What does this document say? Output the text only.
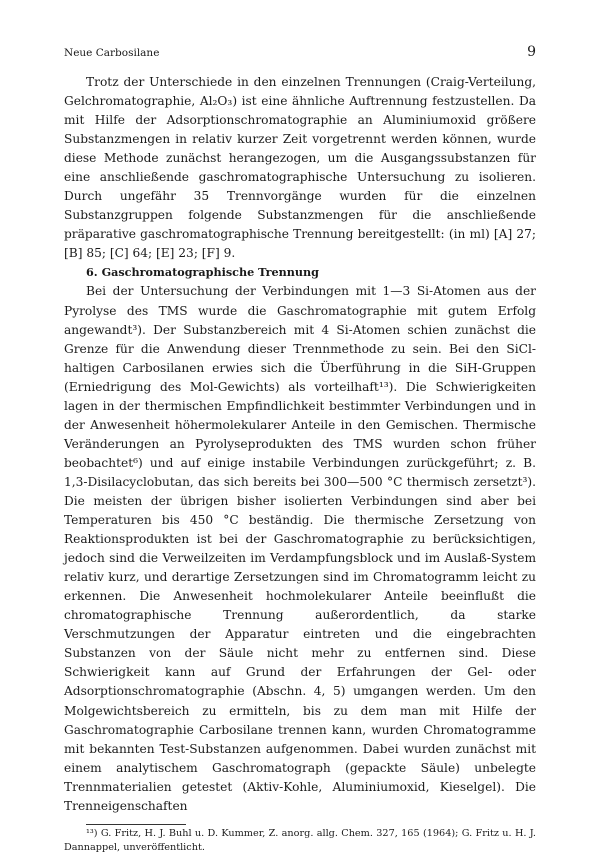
Neue Carbosilane	9

Trotz der Unterschiede in den einzelnen Trennungen (Craig-Verteilung, Gelchromatographie, Al₂O₃) ist eine ähnliche Auftrennung festzustellen. Da mit Hilfe der Adsorptionschromatographie an Aluminiumoxid größere Substanzmengen in relativ kurzer Zeit vorgetrennt werden können, wurde diese Methode zunächst herangezogen, um die Ausgangssubstanzen für eine anschließende gaschromatographische Untersuchung zu isolieren. Durch ungefähr 35 Trennvorgänge wurden für die einzelnen Substanzgruppen folgende Substanzmengen für die anschließende präparative gaschromatographische Trennung bereitgestellt: (in ml) [A] 27; [B] 85; [C] 64; [E] 23; [F] 9.

6. Gaschromatographische Trennung

Bei der Untersuchung der Verbindungen mit 1—3 Si-Atomen aus der Pyrolyse des TMS wurde die Gaschromatographie mit gutem Erfolg angewandt³). Der Substanzbereich mit 4 Si-Atomen schien zunächst die Grenze für die Anwendung dieser Trennmethode zu sein. Bei den SiCl-haltigen Carbosilanen erwies sich die Überführung in die SiH-Gruppen (Erniedrigung des Mol-Gewichts) als vorteilhaft¹³). Die Schwierigkeiten lagen in der thermischen Empfindlichkeit bestimmter Verbindungen und in der Anwesenheit höhermolekularer Anteile in den Gemischen. Thermische Veränderungen an Pyrolyseprodukten des TMS wurden schon früher beobachtet⁶) und auf einige instabile Verbindungen zurückgeführt; z. B. 1,3-Disilacyclobutan, das sich bereits bei 300—500 °C thermisch zersetzt³). Die meisten der übrigen bisher isolierten Verbindungen sind aber bei Temperaturen bis 450 °C beständig. Die thermische Zersetzung von Reaktionsprodukten ist bei der Gaschromatographie zu berücksichtigen, jedoch sind die Verweilzeiten im Verdampfungsblock und im Auslaß-System relativ kurz, und derartige Zersetzungen sind im Chromatogramm leicht zu erkennen. Die Anwesenheit hochmolekularer Anteile beeinflußt die chromatographische Trennung außerordentlich, da starke Verschmutzungen der Apparatur eintreten und die eingebrachten Substanzen von der Säule nicht mehr zu entfernen sind. Diese Schwierigkeit kann auf Grund der Erfahrungen der Gel- oder Adsorptionschromatographie (Abschn. 4, 5) umgangen werden. Um den Molgewichtsbereich zu ermitteln, bis zu dem man mit Hilfe der Gaschromatographie Carbosilane trennen kann, wurden Chromatogramme mit bekannten Test-Substanzen aufgenommen. Dabei wurden zunächst mit einem analytischem Gaschromatograph (gepackte Säule) unbelegte Trennmaterialien getestet (Aktiv-Kohle, Aluminiumoxid, Kieselgel). Die Trenneigenschaften

¹³) G. Fritz, H. J. Buhl u. D. Kummer, Z. anorg. allg. Chem. 327, 165 (1964); G. Fritz u. H. J. Dannappel, unveröffentlicht.
